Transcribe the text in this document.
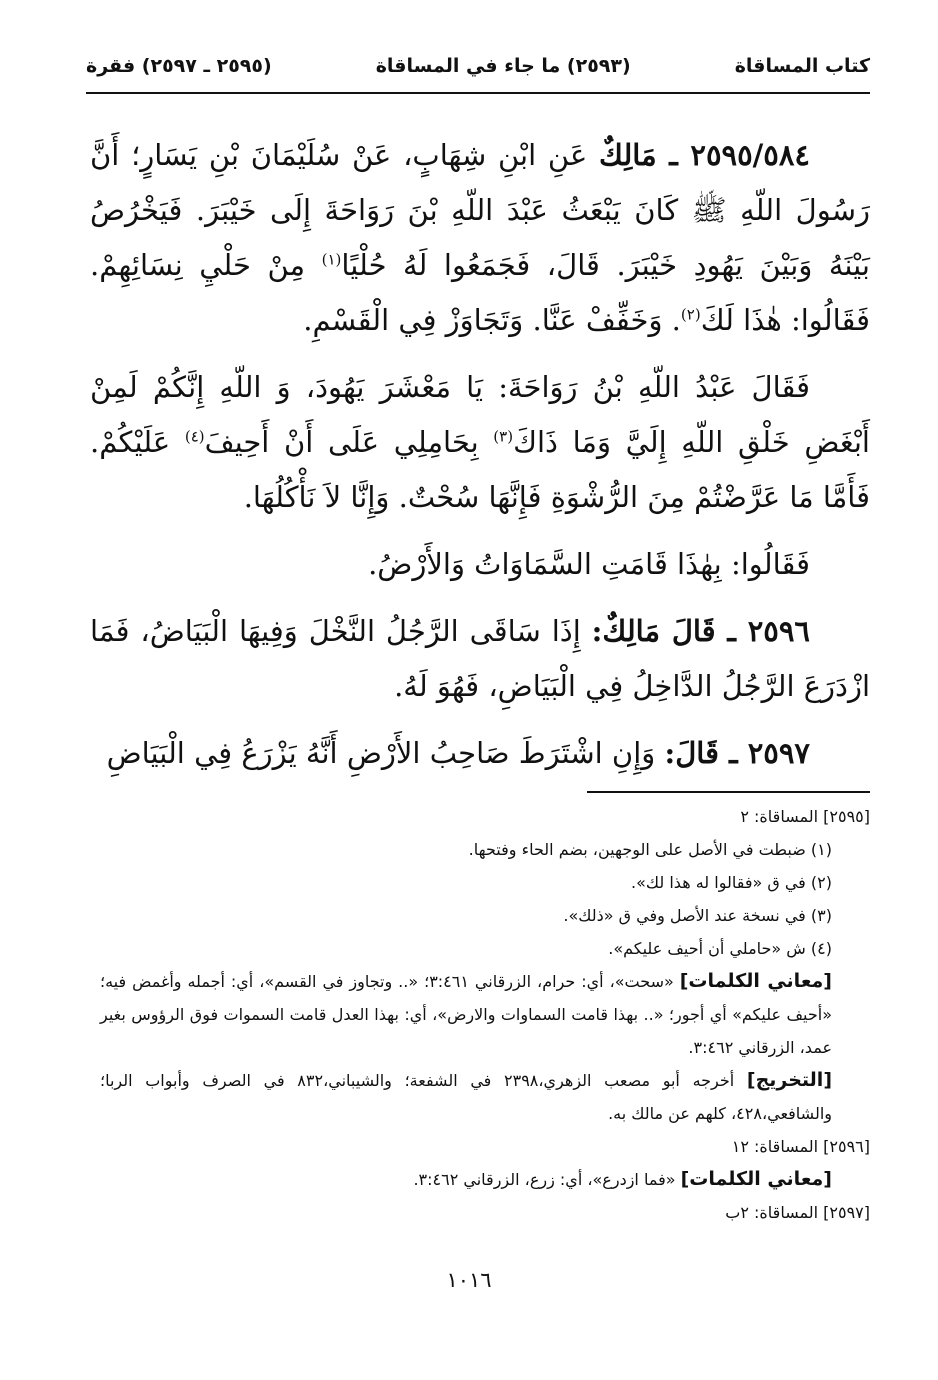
كتاب المساقاة
(٢٥٩٣) ما جاء في المساقاة
(٢٥٩٥ ـ ٢٥٩٧) فقرة

٢٥٩٥/٥٨٤ ـ مَالِكٌ عَنِ ابْنِ شِهَابٍ، عَنْ سُلَيْمَانَ بْنِ يَسَارٍ؛ أَنَّ رَسُولَ اللّهِ ﷺ كَانَ يَبْعَثُ عَبْدَ اللّهِ بْنَ رَوَاحَةَ إِلَى خَيْبَرَ. فَيَخْرُصُ بَيْنَهُ وَبَيْنَ يَهُودِ خَيْبَرَ. قَالَ، فَجَمَعُوا لَهُ حُلْيًا$^{(١)}$ مِنْ حَلْيِ نِسَائِهِمْ. فَقَالُوا: هٰذَا لَكَ$^{(٢)}$. وَخَفِّفْ عَنَّا. وَتَجَاوَزْ فِي الْقَسْمِ.

فَقَالَ عَبْدُ اللّهِ بْنُ رَوَاحَةَ: يَا مَعْشَرَ يَهُودَ، وَ اللّهِ إِنَّكُمْ لَمِنْ أَبْغَضِ خَلْقِ اللّهِ إِلَيَّ وَمَا ذَاكَ$^{(٣)}$ بِحَامِلِي عَلَى أَنْ أَحِيفَ$^{(٤)}$ عَلَيْكُمْ. فَأَمَّا مَا عَرَّضْتُمْ مِنَ الرُّشْوَةِ فَإِنَّهَا سُحْتٌ. وَإِنَّا لاَ نَأْكُلُهَا.

فَقَالُوا: بِهٰذَا قَامَتِ السَّمَاوَاتُ وَالأَرْضُ.

٢٥٩٦ ـ قَالَ مَالِكٌ: إِذَا سَاقَى الرَّجُلُ النَّخْلَ وَفِيهَا الْبَيَاضُ، فَمَا ازْدَرَعَ الرَّجُلُ الدَّاخِلُ فِي الْبَيَاضِ، فَهُوَ لَهُ.

٢٥٩٧ ـ قَالَ: وَإِنِ اشْتَرَطَ صَاحِبُ الأَرْضِ أَنَّهُ يَزْرَعُ فِي الْبَيَاضِ

[٢٥٩٥] المساقاة: ٢
(١) ضبطت في الأصل على الوجهين، بضم الحاء وفتحها.
(٢) في ق «فقالوا له هذا لك».
(٣) في نسخة عند الأصل وفي ق «ذلك».
(٤) ش «حاملي أن أحيف عليكم».
[معاني الكلمات] «سحت»، أي: حرام، الزرقاني ٣:٤٦١؛ «.. وتجاوز في القسم»، أي: أجمله وأغمض فيه؛ «أحيف عليكم» أي أجور؛ «.. بهذا قامت السماوات والارض»، أي: بهذا العدل قامت السموات فوق الرؤوس بغير عمد، الزرقاني ٣:٤٦٢.
[التخريج] أخرجه أبو مصعب الزهري،٢٣٩٨ في الشفعة؛ والشيباني،٨٣٢ في الصرف وأبواب الربا؛ والشافعي،٤٢٨، كلهم عن مالك به.
[٢٥٩٦] المساقاة: ١٢
[معاني الكلمات] «فما ازدرع»، أي: زرع، الزرقاني ٣:٤٦٢.
[٢٥٩٧] المساقاة: ٢ب
١٠١٦
